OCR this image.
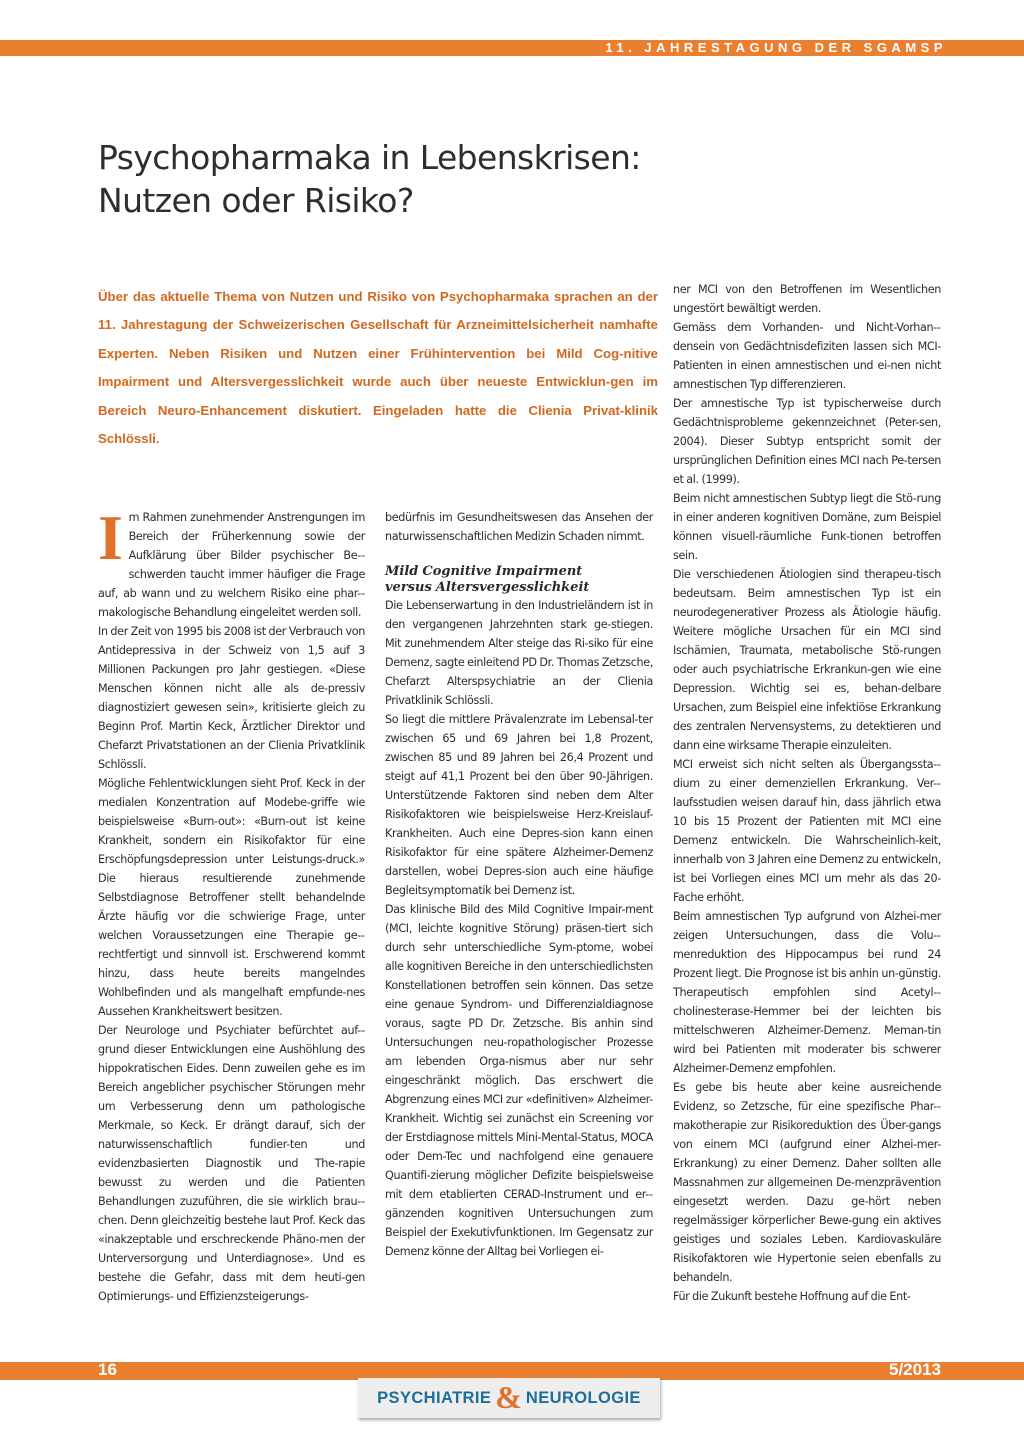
11. JAHRESTAGUNG DER SGAMSP
Psychopharmaka in Lebenskrisen:
Nutzen oder Risiko?

Über das aktuelle Thema von Nutzen und Risiko von Psychopharmaka sprachen an der 11. Jahrestagung der Schweizerischen Gesellschaft für Arzneimittelsicherheit namhafte Experten. Neben Risiken und Nutzen einer Frühintervention bei Mild Cog-nitive Impairment und Altersvergesslichkeit wurde auch über neueste Entwicklun-gen im Bereich Neuro-Enhancement diskutiert. Eingeladen hatte die Clienia Privat-klinik Schlössli.

Im Rahmen zunehmender Anstrengungen im Bereich der Früherkennung sowie der Aufklärung über Bilder psychischer Be-schwerden taucht immer häufiger die Frage auf, ab wann und zu welchem Risiko eine phar-makologische Behandlung eingeleitet werden soll.

In der Zeit von 1995 bis 2008 ist der Verbrauch von Antidepressiva in der Schweiz von 1,5 auf 3 Millionen Packungen pro Jahr gestiegen. «Diese Menschen können nicht alle als de-pressiv diagnostiziert gewesen sein», kritisierte gleich zu Beginn Prof. Martin Keck, Ärztlicher Direktor und Chefarzt Privatstationen an der Clienia Privatklinik Schlössli.

Mögliche Fehlentwicklungen sieht Prof. Keck in der medialen Konzentration auf Modebe-griffe wie beispielsweise «Burn-out»: «Burn-out ist keine Krankheit, sondern ein Risikofaktor für eine Erschöpfungsdepression unter Leistungs-druck.» Die hieraus resultierende zunehmende Selbstdiagnose Betroffener stellt behandelnde Ärzte häufig vor die schwierige Frage, unter welchen Voraussetzungen eine Therapie ge-rechtfertigt und sinnvoll ist. Erschwerend kommt hinzu, dass heute bereits mangelndes Wohlbefinden und als mangelhaft empfunde-nes Aussehen Krankheitswert besitzen.

Der Neurologe und Psychiater befürchtet auf-grund dieser Entwicklungen eine Aushöhlung des hippokratischen Eides. Denn zuweilen gehe es im Bereich angeblicher psychischer Störungen mehr um Verbesserung denn um pathologische Merkmale, so Keck. Er drängt darauf, sich der naturwissenschaftlich fundier-ten und evidenzbasierten Diagnostik und The-rapie bewusst zu werden und die Patienten Behandlungen zuzuführen, die sie wirklich brau-chen. Denn gleichzeitig bestehe laut Prof. Keck das «inakzeptable und erschreckende Phäno-men der Unterversorgung und Unterdiagnose». Und es bestehe die Gefahr, dass mit dem heuti-gen Optimierungs- und Effizienzsteigerungs-

bedürfnis im Gesundheitswesen das Ansehen der naturwissenschaftlichen Medizin Schaden nimmt.

Mild Cognitive Impairment
versus Altersvergesslichkeit

Die Lebenserwartung in den Industrieländern ist in den vergangenen Jahrzehnten stark ge-stiegen. Mit zunehmendem Alter steige das Ri-siko für eine Demenz, sagte einleitend PD Dr. Thomas Zetzsche, Chefarzt Alterspsychiatrie an der Clienia Privatklinik Schlössli.

So liegt die mittlere Prävalenzrate im Lebensal-ter zwischen 65 und 69 Jahren bei 1,8 Prozent, zwischen 85 und 89 Jahren bei 26,4 Prozent und steigt auf 41,1 Prozent bei den über 90-Jährigen. Unterstützende Faktoren sind neben dem Alter Risikofaktoren wie beispielsweise Herz-Kreislauf-Krankheiten. Auch eine Depres-sion kann einen Risikofaktor für eine spätere Alzheimer-Demenz darstellen, wobei Depres-sion auch eine häufige Begleitsymptomatik bei Demenz ist.

Das klinische Bild des Mild Cognitive Impair-ment (MCI, leichte kognitive Störung) präsen-tiert sich durch sehr unterschiedliche Sym-ptome, wobei alle kognitiven Bereiche in den unterschiedlichsten Konstellationen betroffen sein können. Das setze eine genaue Syndrom- und Differenzialdiagnose voraus, sagte PD Dr. Zetzsche. Bis anhin sind Untersuchungen neu-ropathologischer Prozesse am lebenden Orga-nismus aber nur sehr eingeschränkt möglich. Das erschwert die Abgrenzung eines MCI zur «definitiven» Alzheimer-Krankheit. Wichtig sei zunächst ein Screening vor der Erstdiagnose mittels Mini-Mental-Status, MOCA oder Dem-Tec und nachfolgend eine genauere Quantifi-zierung möglicher Defizite beispielsweise mit dem etablierten CERAD-Instrument und er-gänzenden kognitiven Untersuchungen zum Beispiel der Exekutivfunktionen. Im Gegensatz zur Demenz könne der Alltag bei Vorliegen ei-

ner MCI von den Betroffenen im Wesentlichen ungestört bewältigt werden.

Gemäss dem Vorhanden- und Nicht-Vorhan-densein von Gedächtnisdefiziten lassen sich MCI-Patienten in einen amnestischen und ei-nen nicht amnestischen Typ differenzieren.

Der amnestische Typ ist typischerweise durch Gedächtnisprobleme gekennzeichnet (Peter-sen, 2004). Dieser Subtyp entspricht somit der ursprünglichen Definition eines MCI nach Pe-tersen et al. (1999).

Beim nicht amnestischen Subtyp liegt die Stö-rung in einer anderen kognitiven Domäne, zum Beispiel können visuell-räumliche Funk-tionen betroffen sein.

Die verschiedenen Ätiologien sind therapeu-tisch bedeutsam. Beim amnestischen Typ ist ein neurodegenerativer Prozess als Ätiologie häufig. Weitere mögliche Ursachen für ein MCI sind Ischämien, Traumata, metabolische Stö-rungen oder auch psychiatrische Erkrankun-gen wie eine Depression. Wichtig sei es, behan-delbare Ursachen, zum Beispiel eine infektiöse Erkrankung des zentralen Nervensystems, zu detektieren und dann eine wirksame Therapie einzuleiten.

MCI erweist sich nicht selten als Übergangssta-dium zu einer demenziellen Erkrankung. Ver-laufsstudien weisen darauf hin, dass jährlich etwa 10 bis 15 Prozent der Patienten mit MCI eine Demenz entwickeln. Die Wahrscheinlich-keit, innerhalb von 3 Jahren eine Demenz zu entwickeln, ist bei Vorliegen eines MCI um mehr als das 20-Fache erhöht.

Beim amnestischen Typ aufgrund von Alzhei-mer zeigen Untersuchungen, dass die Volu-menreduktion des Hippocampus bei rund 24 Prozent liegt. Die Prognose ist bis anhin un-günstig. Therapeutisch empfohlen sind Acetyl-cholinesterase-Hemmer bei der leichten bis mittelschweren Alzheimer-Demenz. Meman-tin wird bei Patienten mit moderater bis schwerer Alzheimer-Demenz empfohlen.

Es gebe bis heute aber keine ausreichende Evidenz, so Zetzsche, für eine spezifische Phar-makotherapie zur Risikoreduktion des Über-gangs von einem MCI (aufgrund einer Alzhei-mer-Erkrankung) zu einer Demenz. Daher sollten alle Massnahmen zur allgemeinen De-menzprävention eingesetzt werden. Dazu ge-hört neben regelmässiger körperlicher Bewe-gung ein aktives geistiges und soziales Leben. Kardiovaskuläre Risikofaktoren wie Hypertonie seien ebenfalls zu behandeln.

Für die Zukunft bestehe Hoffnung auf die Ent-

16	5/2013
PSYCHIATRIE & NEUROLOGIE
